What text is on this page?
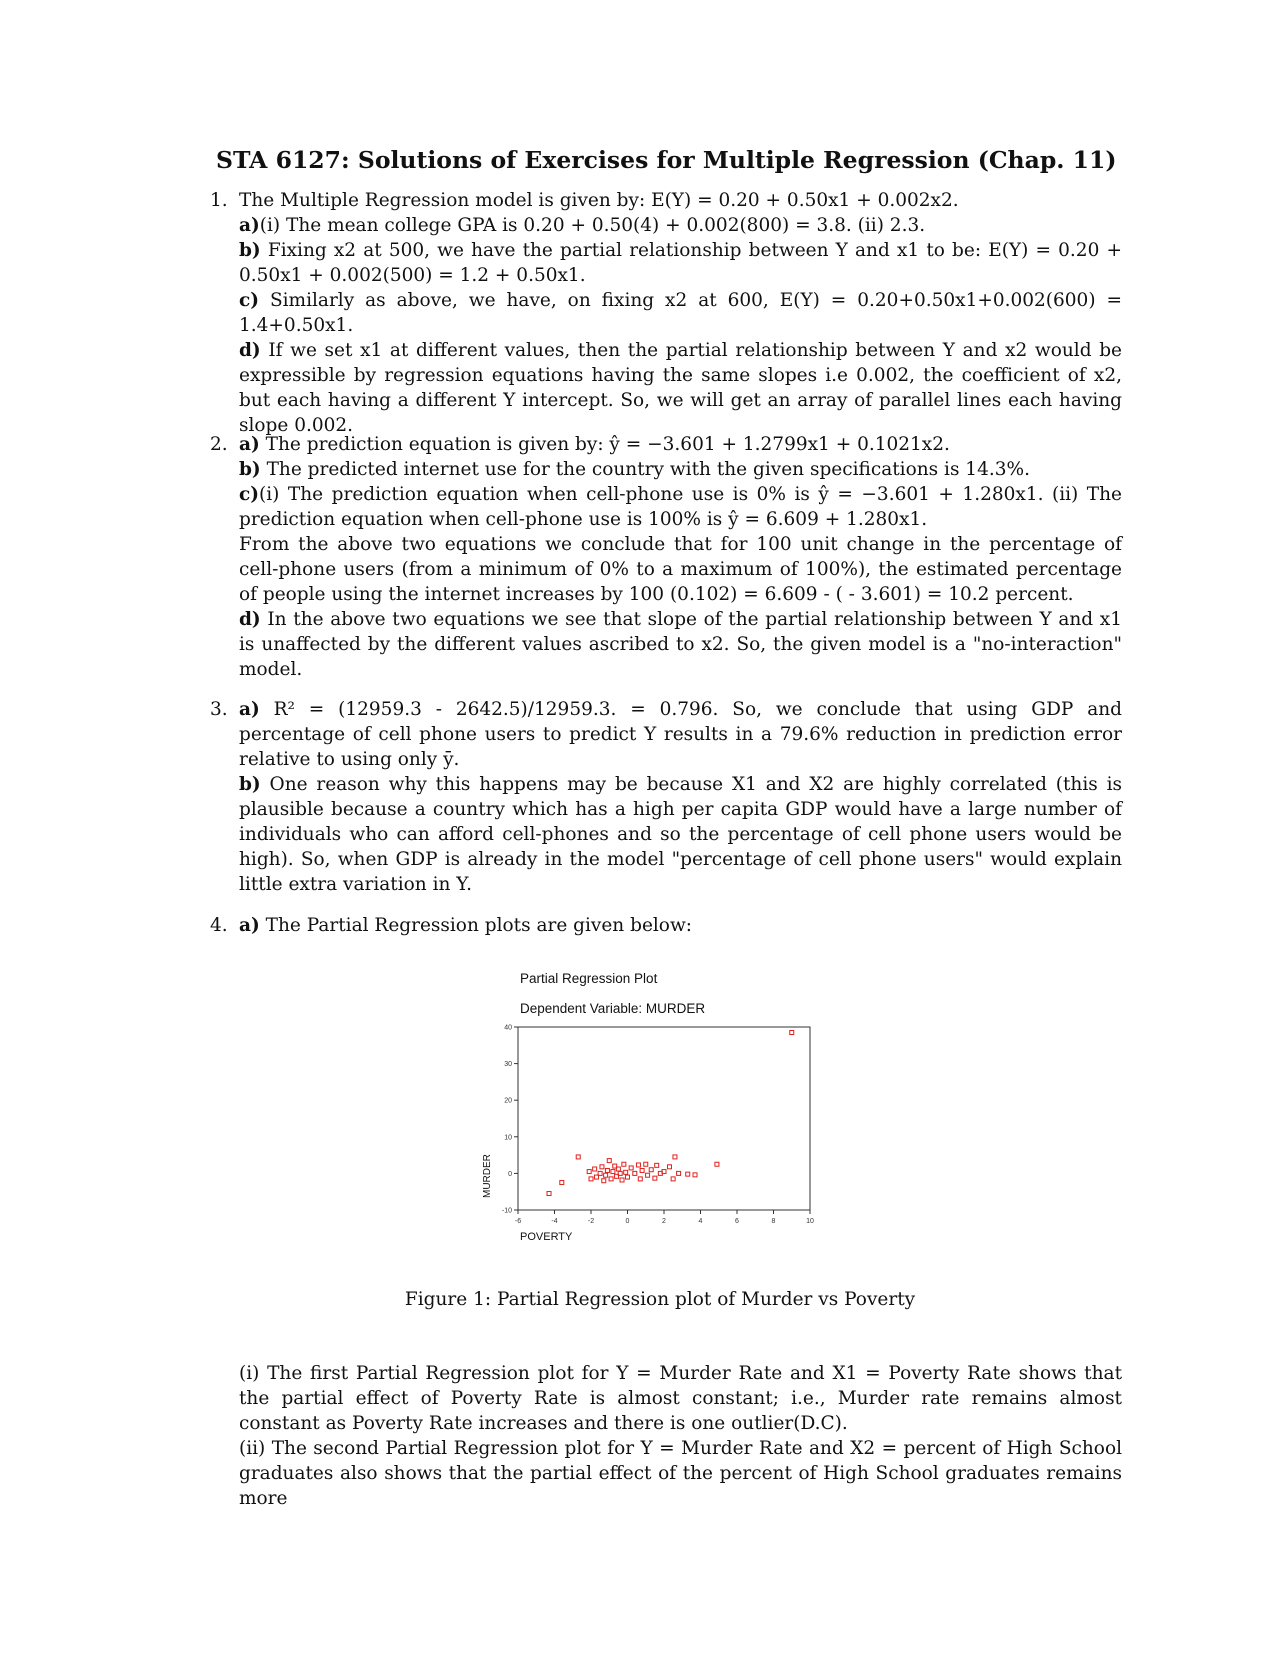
STA 6127: Solutions of Exercises for Multiple Regression (Chap. 11)
1. The Multiple Regression model is given by: E(Y) = 0.20 + 0.50x1 + 0.002x2.

a)(i) The mean college GPA is 0.20 + 0.50(4) + 0.002(800) = 3.8. (ii) 2.3.

b) Fixing x2 at 500, we have the partial relationship between Y and x1 to be: E(Y) = 0.20 + 0.50x1 + 0.002(500) = 1.2 + 0.50x1.

c) Similarly as above, we have, on fixing x2 at 600, E(Y) = 0.20+0.50x1+0.002(600) = 1.4+0.50x1.

d) If we set x1 at different values, then the partial relationship between Y and x2 would be expressible by regression equations having the same slopes i.e 0.002, the coefficient of x2, but each having a different Y intercept. So, we will get an array of parallel lines each having slope 0.002.

2. a) The prediction equation is given by: ŷ = −3.601 + 1.2799x1 + 0.1021x2.

b) The predicted internet use for the country with the given specifications is 14.3%.

c)(i) The prediction equation when cell-phone use is 0% is ŷ = −3.601 + 1.280x1. (ii) The prediction equation when cell-phone use is 100% is ŷ = 6.609 + 1.280x1.

From the above two equations we conclude that for 100 unit change in the percentage of cell-phone users (from a minimum of 0% to a maximum of 100%), the estimated percentage of people using the internet increases by 100 (0.102) = 6.609 - ( - 3.601) = 10.2 percent.

d) In the above two equations we see that slope of the partial relationship between Y and x1 is unaffected by the different values ascribed to x2. So, the given model is a "no-interaction" model.

3. a) R² = (12959.3 - 2642.5)/12959.3. = 0.796. So, we conclude that using GDP and percentage of cell phone users to predict Y results in a 79.6% reduction in prediction error relative to using only ȳ.

b) One reason why this happens may be because X1 and X2 are highly correlated (this is plausible because a country which has a high per capita GDP would have a large number of individuals who can afford cell-phones and so the percentage of cell phone users would be high). So, when GDP is already in the model "percentage of cell phone users" would explain little extra variation in Y.

4. a) The Partial Regression plots are given below:

Partial Regression Plot
Dependent Variable: MURDER
40
30
20
10
0
-10
-6	-4	-2	0	2	4	6	8	10
MURDER
POVERTY
Figure 1: Partial Regression plot of Murder vs Poverty

(i) The first Partial Regression plot for Y = Murder Rate and X1 = Poverty Rate shows that the partial effect of Poverty Rate is almost constant; i.e., Murder rate remains almost constant as Poverty Rate increases and there is one outlier(D.C).

(ii) The second Partial Regression plot for Y = Murder Rate and X2 = percent of High School graduates also shows that the partial effect of the percent of High School graduates remains more
